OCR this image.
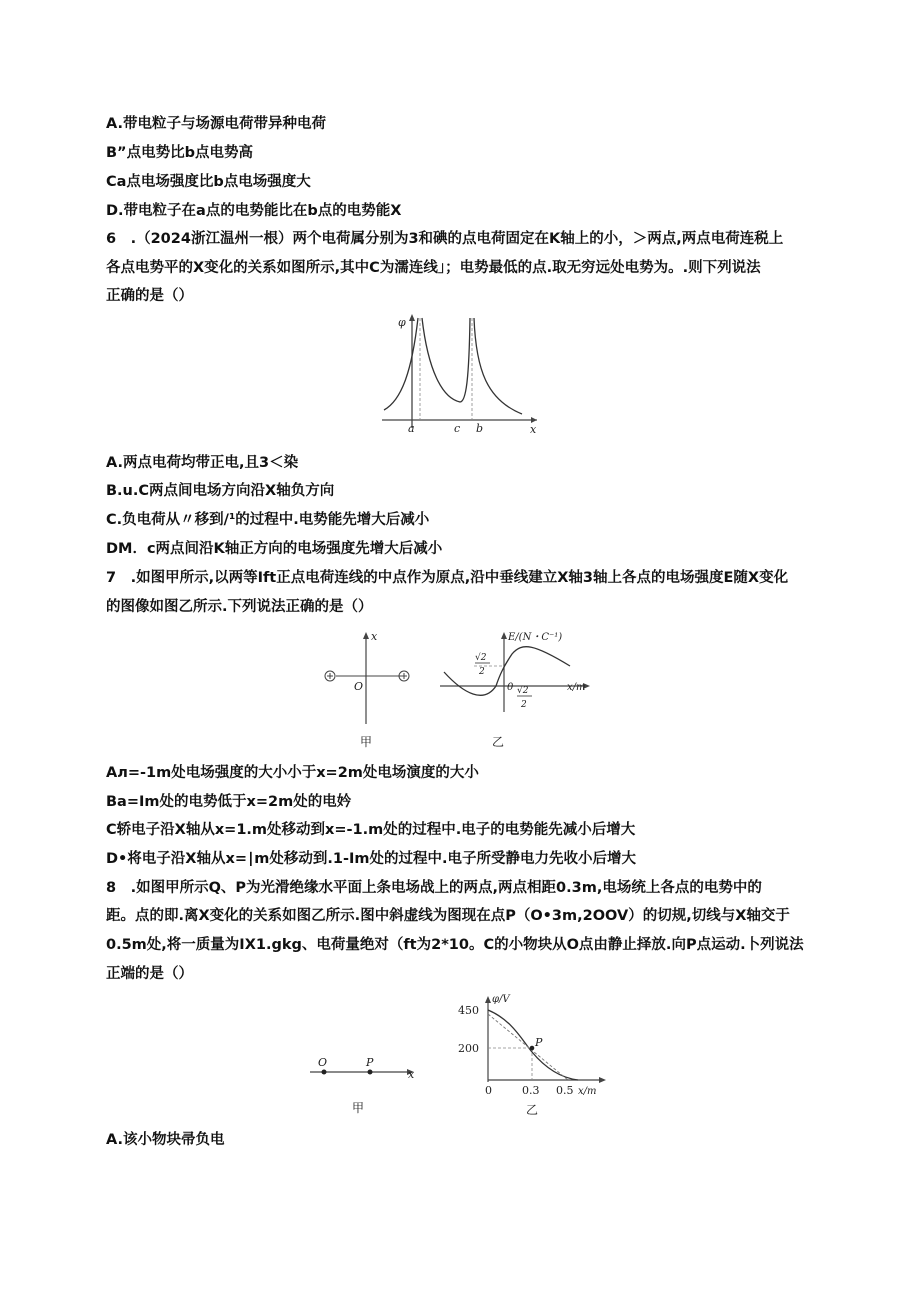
A.带电粒子与场源电荷带异种电荷
B”点电势比b点电势高
Ca点电场强度比b点电场强度大
D.带电粒子在a点的电势能比在b点的电势能X
6　.（2024浙江温州一根）两个电荷属分别为3和碘的点电荷固定在K轴上的小，＞两点,两点电荷连税上
各点电势平的X变化的关系如图所示,其中C为濡连线」；电势最低的点.取无穷远处电势为。.则下列说法
正确的是（）
φ
x
a	c b
A.两点电荷均带正电,且3＜染
B.u.C两点间电场方向沿X轴负方向
C.负电荷从〃移到/¹的过程中.电势能先增大后减小
DM．c两点间沿K轴正方向的电场强度先增大后减小
7　.如图甲所示,以两等Ift正点电荷连线的中点作为原点,沿中垂线建立X轴3轴上各点的电场强度E随X变化
的图像如图乙所示.下列说法正确的是（）
x
O
甲
E/(N・C⁻¹)
x/m
0
√2
2
√2
2
乙
Aл=-1m处电场强度的大小小于x=2m处电场演度的大小
Ba=Im处的电势低于x=2m处的电妗
C轿电子沿X轴从x=1.m处移动到x=-1.m处的过程中.电子的电势能先减小后增大
D•将电子沿X轴从x=∣m处移动到.1-Im处的过程中.电子所受静电力先收小后增大
8　.如图甲所示Q、P为光滑绝缘水平面上条电场战上的两点,两点相距0.3m,电场统上各点的电势中的
距。点的即.离X变化的关系如图乙所示.图中斜虚线为图现在点P（O•3m,2OOV）的切规,切线与X轴交于
0.5m处,将一质量为IX1.gkg、电荷量绝对（ft为2*10。C的小物块从O点由静止择放.向P点运动.卜列说法
正端的是（）
O	P
x
甲
φ/V
450
200
0	0.3 0.5 x/m
P
乙
A.该小物块帚负电
